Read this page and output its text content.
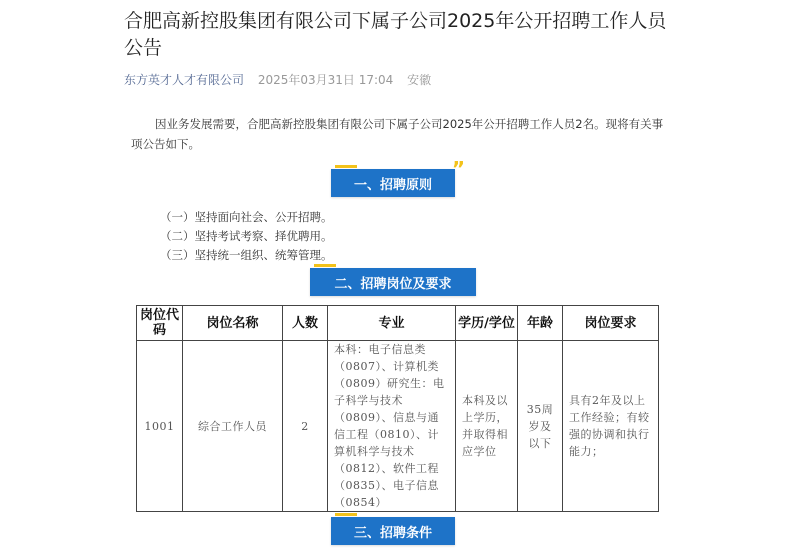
合肥高新控股集团有限公司下属子公司2025年公开招聘工作人员公告
东方英才人才有限公司 2025年03月31日 17:04 安徽

因业务发展需要，合肥高新控股集团有限公司下属子公司2025年公开招聘工作人员2名。现将有关事项公告如下。

”
一、招聘原则
（一）坚持面向社会、公开招聘。
（二）坚持考试考察、择优聘用。
（三）坚持统一组织、统筹管理。
二、招聘岗位及要求
岗位代码	岗位名称	人数	专业	学历/学位	年龄	岗位要求
1001	综合工作人员	2	本科：电子信息类（0807）、计算机类（0809）研究生：电子科学与技术（0809）、信息与通信工程（0810）、计算机科学与技术（0812）、软件工程（0835）、电子信息（0854）	本科及以上学历，并取得相应学位	35周岁及以下	具有2年及以上工作经验；有较强的协调和执行能力；
三、招聘条件
